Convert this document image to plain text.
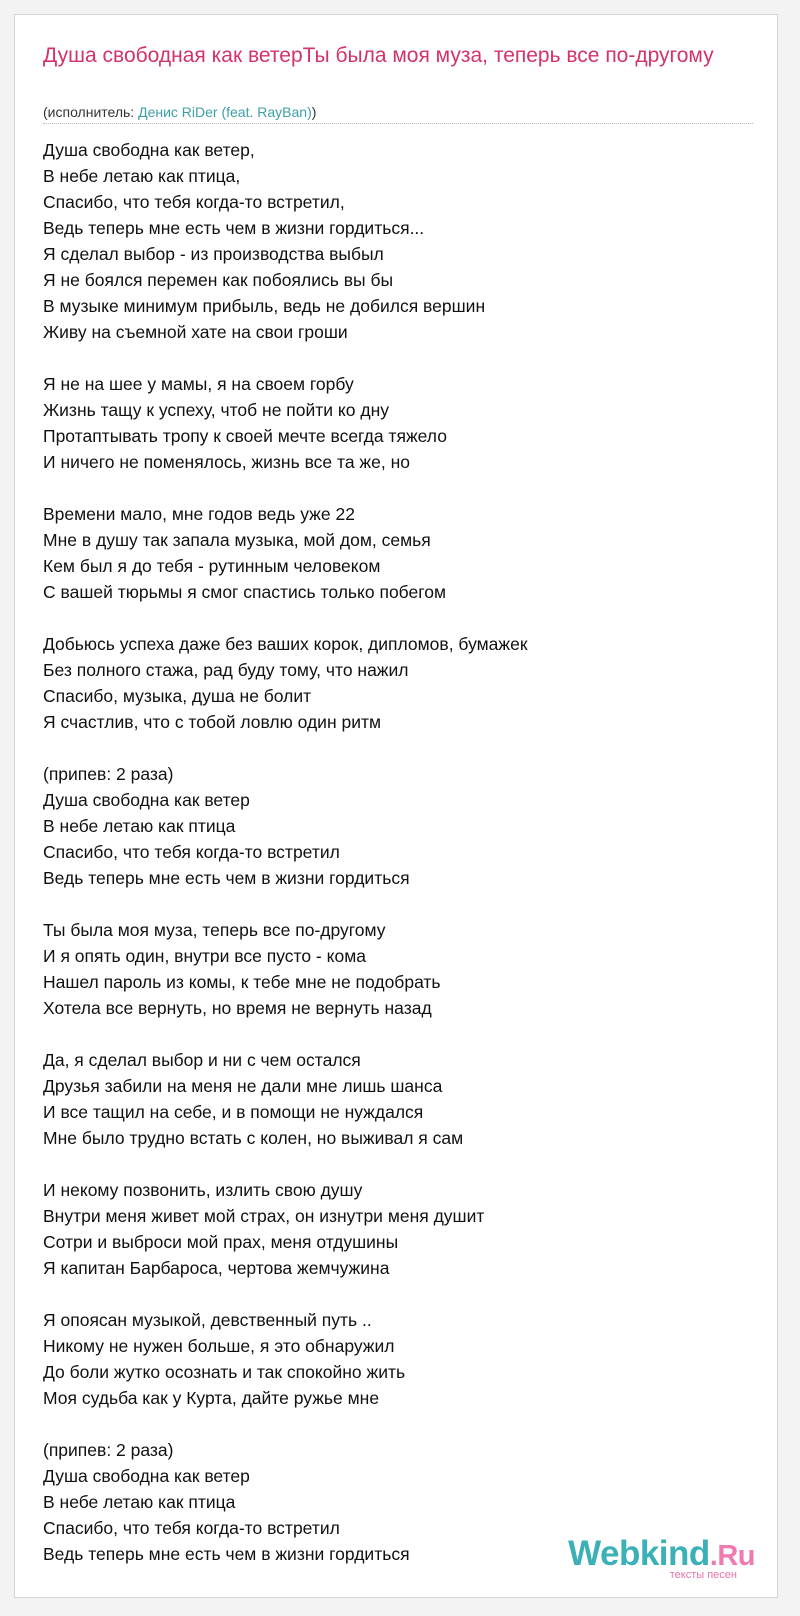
Душа свободная как ветерТы была моя муза, теперь все по-другому
(исполнитель: Денис RiDer (feat. RayBan))
Душа свободна как ветер,
В небе летаю как птица,
Спасибо, что тебя когда-то встретил,
Ведь теперь мне есть чем в жизни гордиться...
Я сделал выбор - из производства выбыл
Я не боялся перемен как побоялись вы бы
В музыке минимум прибыль, ведь не добился вершин
Живу на съемной хате на свои гроши
Я не на шее у мамы, я на своем горбу
Жизнь тащу к успеху, чтоб не пойти ко дну
Протаптывать тропу к своей мечте всегда тяжело
И ничего не поменялось, жизнь все та же, но
Времени мало, мне годов ведь уже 22
Мне в душу так запала музыка, мой дом, семья
Кем был я до тебя - рутинным человеком
С вашей тюрьмы я смог спастись только побегом
Добьюсь успеха даже без ваших корок, дипломов, бумажек
Без полного стажа, рад буду тому, что нажил
Спасибо, музыка, душа не болит
Я счастлив, что с тобой ловлю один ритм
(припев: 2 раза)
Душа свободна как ветер
В небе летаю как птица
Спасибо, что тебя когда-то встретил
Ведь теперь мне есть чем в жизни гордиться
Ты была моя муза, теперь все по-другому
И я опять один, внутри все пусто - кома
Нашел пароль из комы, к тебе мне не подобрать
Хотела все вернуть, но время не вернуть назад
Да, я сделал выбор и ни с чем остался
Друзья забили на меня не дали мне лишь шанса
И все тащил на себе, и в помощи не нуждался
Мне было трудно встать с колен, но выживал я сам
И некому позвонить, излить свою душу
Внутри меня живет мой страх, он изнутри меня душит
Сотри и выброси мой прах, меня отдушины
Я капитан Барбароса, чертова жемчужина
Я опоясан музыкой, девственный путь ..
Никому не нужен больше, я это обнаружил
До боли жутко осознать и так спокойно жить
Моя судьба как у Курта, дайте ружье мне
(припев: 2 раза)
Душа свободна как ветер
В небе летаю как птица
Спасибо, что тебя когда-то встретил
Ведь теперь мне есть чем в жизни гордиться	Webkind.Ru
тексты песен
